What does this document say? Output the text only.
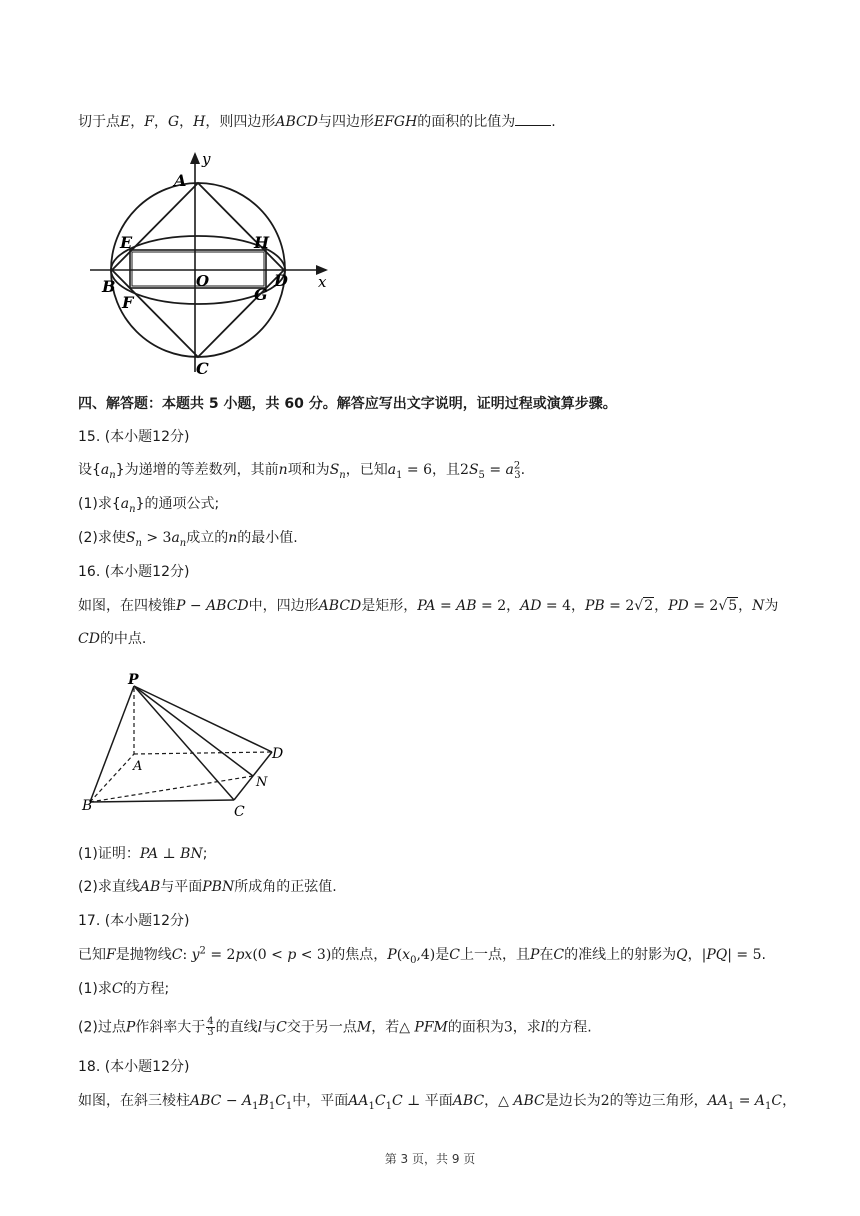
切于点E，F，G，H，则四边形ABCD与四边形EFGH的面积的比值为	.
y
x
A
E	H
B	D
O
F	G
C
四、解答题：本题共 5 小题，共 60 分。解答应写出文字说明，证明过程或演算步骤。
15. (本小题12分)
设$\{a_n\}$为递增的等差数列，其前n项和为$S_n$，已知$a_1 = 6$，且$2S_5 = a^2_3$.
(1)求$\{a_n\}$的通项公式;
(2)求使$S_n > 3a_n$成立的n的最小值.
16. (本小题12分)
如图，在四棱锥P − ABCD中，四边形ABCD是矩形，PA = AB = 2，AD = 4，PB = 2√2，PD = 2√5，N为
CD的中点.
P
A
B	C
D
N
(1)证明：PA ⊥ BN;
(2)求直线AB与平面PBN所成角的正弦值.
17. (本小题12分)
已知F是抛物线C: $y^2 = 2px(0 < p < 3)$的焦点，$P(x_0,4)$是C上一点，且P在C的准线上的射影为Q，|PQ| = 5.
(1)求C的方程;
(2)过点P作斜率大于 $\frac{4}{3}$ 的直线l与C交于另一点M，若△ PFM的面积为3，求l的方程.
18. (本小题12分)
如图，在斜三棱柱ABC − $A_1B_1C_1$中，平面$AA_1C_1C$ ⊥ 平面ABC，△ ABC是边长为2的等边三角形，$AA_1 = A_1C$，
第 3 页，共 9 页
